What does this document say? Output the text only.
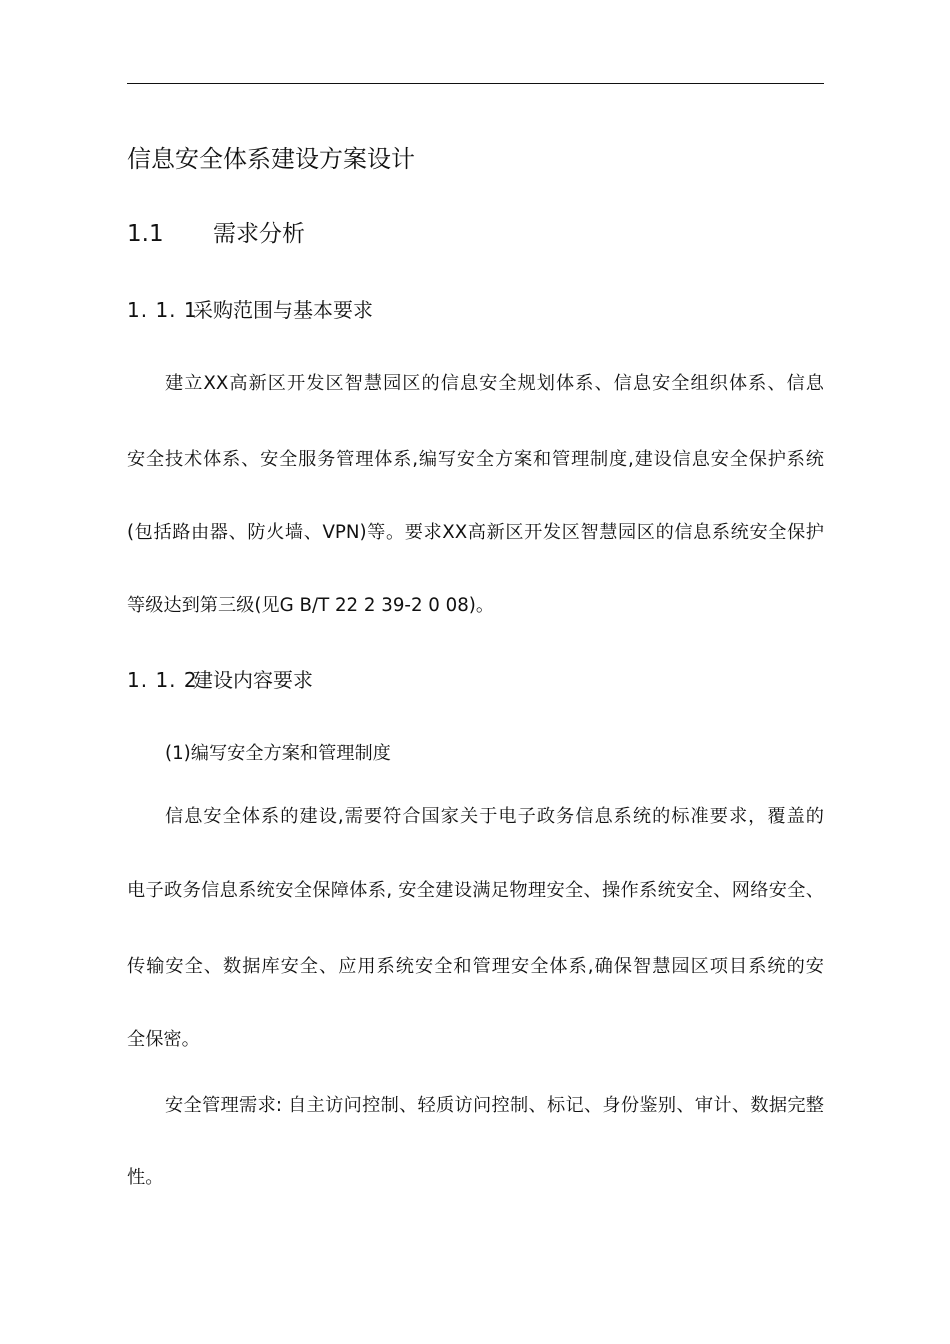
信息安全体系建设方案设计
1.1 需求分析
1. 1. 1采购范围与基本要求
建立XX高新区开发区智慧园区的信息安全规划体系、信息安全组织体系、信息
安全技术体系、安全服务管理体系,编写安全方案和管理制度,建设信息安全保护系统
(包括路由器、防火墙、VPN)等。要求XX高新区开发区智慧园区的信息系统安全保护
等级达到第三级(见G B/T 22 2 39-2 0 08)。
1. 1. 2建设内容要求
(1)编写安全方案和管理制度
信息安全体系的建设,需要符合国家关于电子政务信息系统的标准要求，覆盖的
电子政务信息系统安全保障体系, 安全建设满足物理安全、操作系统安全、网络安全、
传输安全、数据库安全、应用系统安全和管理安全体系,确保智慧园区项目系统的安
全保密。
安全管理需求: 自主访问控制、轻质访问控制、标记、身份鉴别、审计、数据完整
性。
